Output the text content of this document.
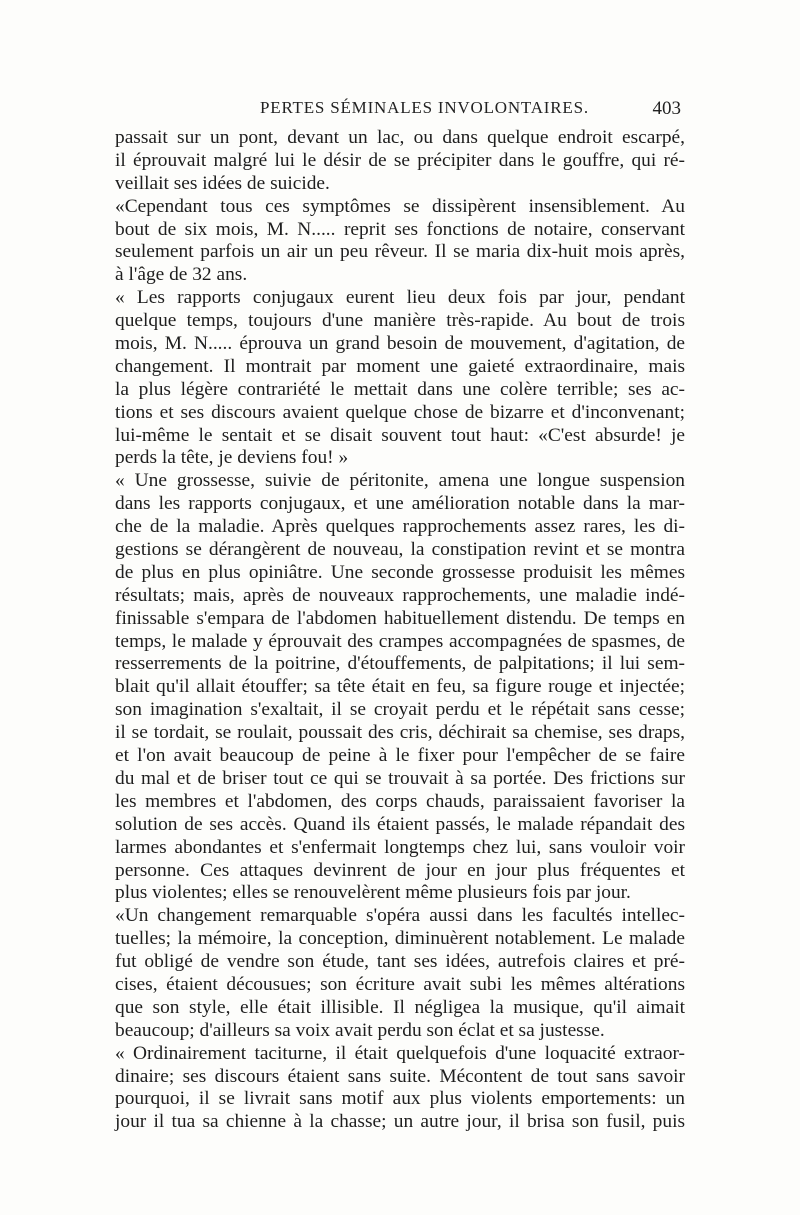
PERTES SÉMINALES INVOLONTAIRES.	403
passait sur un pont, devant un lac, ou dans quelque endroit escarpé,
il éprouvait malgré lui le désir de se précipiter dans le gouffre, qui ré-
veillait ses idées de suicide.
«Cependant tous ces symptômes se dissipèrent insensiblement. Au
bout de six mois, M. N..... reprit ses fonctions de notaire, conservant
seulement parfois un air un peu rêveur. Il se maria dix-huit mois après,
à l'âge de 32 ans.
« Les rapports conjugaux eurent lieu deux fois par jour, pendant
quelque temps, toujours d'une manière très-rapide. Au bout de trois
mois, M. N..... éprouva un grand besoin de mouvement, d'agitation, de
changement. Il montrait par moment une gaieté extraordinaire, mais
la plus légère contrariété le mettait dans une colère terrible; ses ac-
tions et ses discours avaient quelque chose de bizarre et d'inconvenant;
lui-même le sentait et se disait souvent tout haut: «C'est absurde! je
perds la tête, je deviens fou! »
« Une grossesse, suivie de péritonite, amena une longue suspension
dans les rapports conjugaux, et une amélioration notable dans la mar-
che de la maladie. Après quelques rapprochements assez rares, les di-
gestions se dérangèrent de nouveau, la constipation revint et se montra
de plus en plus opiniâtre. Une seconde grossesse produisit les mêmes
résultats; mais, après de nouveaux rapprochements, une maladie indé-
finissable s'empara de l'abdomen habituellement distendu. De temps en
temps, le malade y éprouvait des crampes accompagnées de spasmes, de
resserrements de la poitrine, d'étouffements, de palpitations; il lui sem-
blait qu'il allait étouffer; sa tête était en feu, sa figure rouge et injectée;
son imagination s'exaltait, il se croyait perdu et le répétait sans cesse;
il se tordait, se roulait, poussait des cris, déchirait sa chemise, ses draps,
et l'on avait beaucoup de peine à le fixer pour l'empêcher de se faire
du mal et de briser tout ce qui se trouvait à sa portée. Des frictions sur
les membres et l'abdomen, des corps chauds, paraissaient favoriser la
solution de ses accès. Quand ils étaient passés, le malade répandait des
larmes abondantes et s'enfermait longtemps chez lui, sans vouloir voir
personne. Ces attaques devinrent de jour en jour plus fréquentes et
plus violentes; elles se renouvelèrent même plusieurs fois par jour.
«Un changement remarquable s'opéra aussi dans les facultés intellec-
tuelles; la mémoire, la conception, diminuèrent notablement. Le malade
fut obligé de vendre son étude, tant ses idées, autrefois claires et pré-
cises, étaient décousues; son écriture avait subi les mêmes altérations
que son style, elle était illisible. Il négligea la musique, qu'il aimait
beaucoup; d'ailleurs sa voix avait perdu son éclat et sa justesse.
« Ordinairement taciturne, il était quelquefois d'une loquacité extraor-
dinaire; ses discours étaient sans suite. Mécontent de tout sans savoir
pourquoi, il se livrait sans motif aux plus violents emportements: un
jour il tua sa chienne à la chasse; un autre jour, il brisa son fusil, puis
